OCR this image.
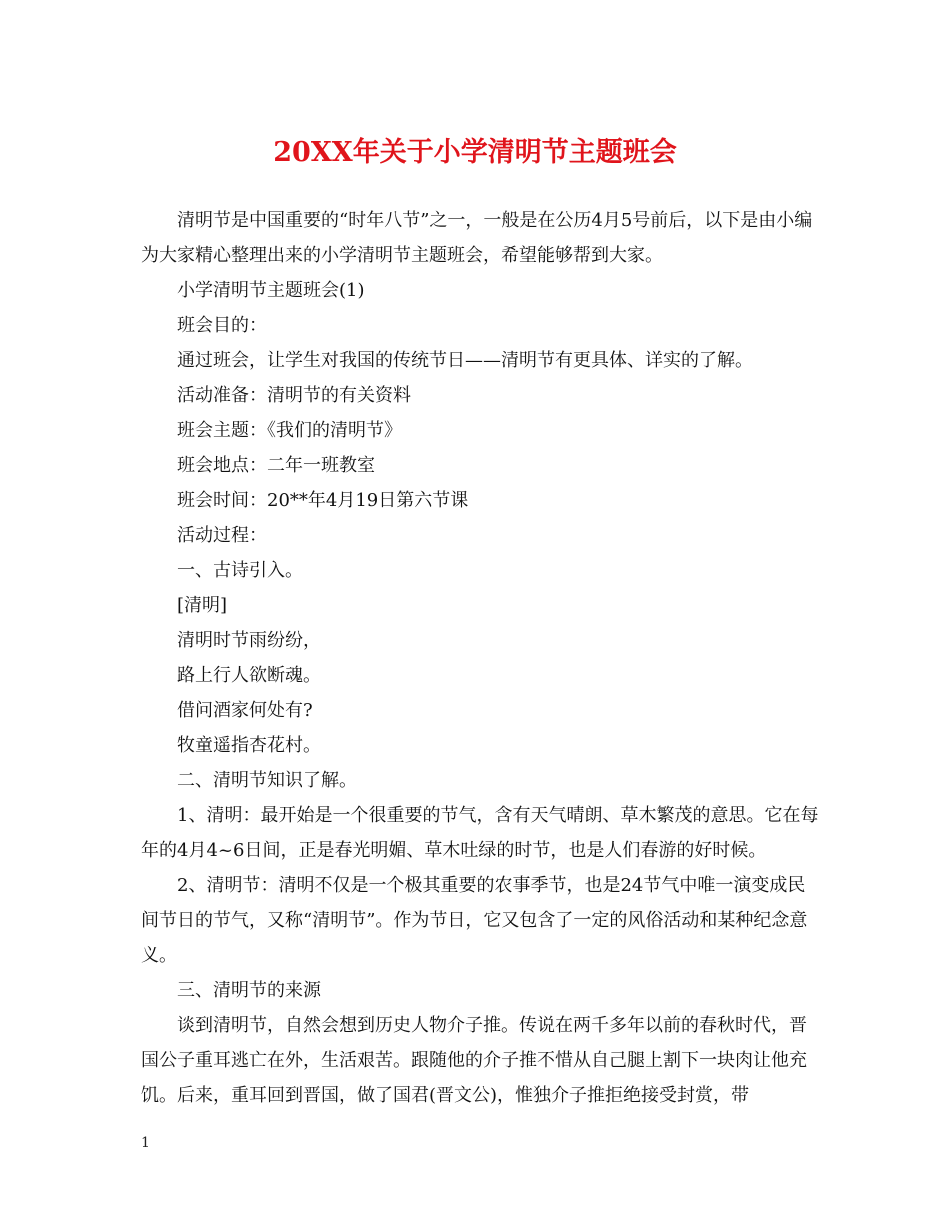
20XX年关于小学清明节主题班会

清明节是中国重要的“时年八节”之一，一般是在公历4月5号前后，以下是由小编为大家精心整理出来的小学清明节主题班会，希望能够帮到大家。

小学清明节主题班会(1)

班会目的：

通过班会，让学生对我国的传统节日——清明节有更具体、详实的了解。

活动准备：清明节的有关资料

班会主题：《我们的清明节》

班会地点：二年一班教室

班会时间：20**年4月19日第六节课

活动过程：

一、古诗引入。

[清明]

清明时节雨纷纷，

路上行人欲断魂。

借问酒家何处有?

牧童遥指杏花村。

二、清明节知识了解。

1、清明：最开始是一个很重要的节气，含有天气晴朗、草木繁茂的意思。它在每年的4月4~6日间，正是春光明媚、草木吐绿的时节，也是人们春游的好时候。

2、清明节：清明不仅是一个极其重要的农事季节，也是24节气中唯一演变成民间节日的节气，又称“清明节”。作为节日，它又包含了一定的风俗活动和某种纪念意义。

三、清明节的来源

谈到清明节，自然会想到历史人物介子推。传说在两千多年以前的春秋时代，晋国公子重耳逃亡在外，生活艰苦。跟随他的介子推不惜从自己腿上割下一块肉让他充饥。后来，重耳回到晋国，做了国君(晋文公)，惟独介子推拒绝接受封赏，带

1
